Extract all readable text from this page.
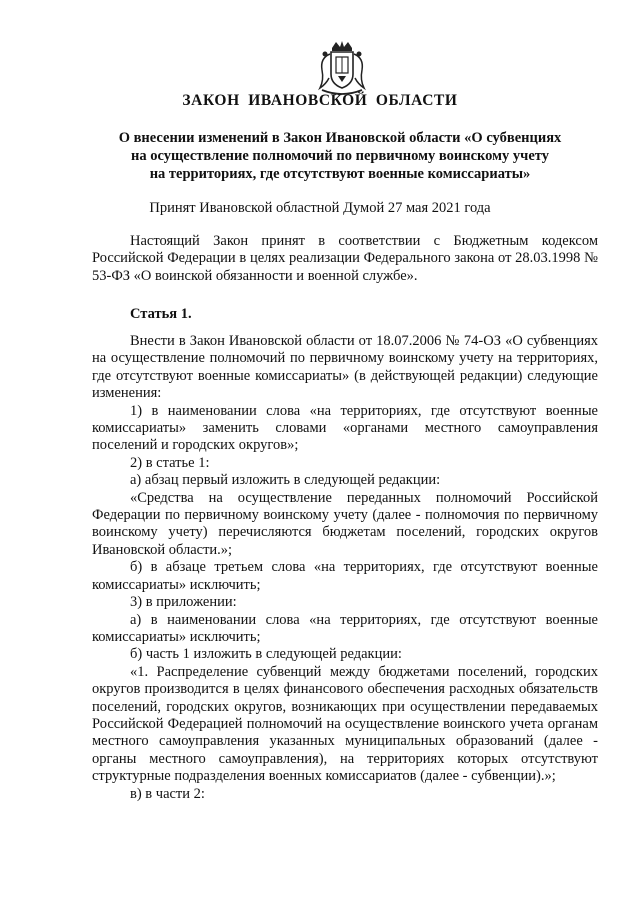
ЗАКОН ИВАНОВСКОЙ ОБЛАСТИ
О внесении изменений в Закон Ивановской области «О субвенциях
на осуществление полномочий по первичному воинскому учету
на территориях, где отсутствуют военные комиссариаты»
Принят Ивановской областной Думой 27 мая 2021 года

Настоящий Закон принят в соответствии с Бюджетным кодексом Российской Федерации в целях реализации Федерального закона от 28.03.1998 № 53-ФЗ «О воинской обязанности и военной службе».

Статья 1.

Внести в Закон Ивановской области от 18.07.2006 № 74-ОЗ «О субвенциях на осуществление полномочий по первичному воинскому учету на территориях, где отсутствуют военные комиссариаты» (в действующей редакции) следующие изменения:

1) в наименовании слова «на территориях, где отсутствуют военные комиссариаты» заменить словами «органами местного самоуправления поселений и городских округов»;

2) в статье 1:

а) абзац первый изложить в следующей редакции:

«Средства на осуществление переданных полномочий Российской Федерации по первичному воинскому учету (далее - полномочия по первичному воинскому учету) перечисляются бюджетам поселений, городских округов Ивановской области.»;

б) в абзаце третьем слова «на территориях, где отсутствуют военные комиссариаты» исключить;

3) в приложении:

а) в наименовании слова «на территориях, где отсутствуют военные комиссариаты» исключить;

б) часть 1 изложить в следующей редакции:

«1. Распределение субвенций между бюджетами поселений, городских округов производится в целях финансового обеспечения расходных обязательств поселений, городских округов, возникающих при осуществлении передаваемых Российской Федерацией полномочий на осуществление воинского учета органам местного самоуправления указанных муниципальных образований (далее - органы местного самоуправления), на территориях которых отсутствуют структурные подразделения военных комиссариатов (далее - субвенции).»;

в) в части 2:
